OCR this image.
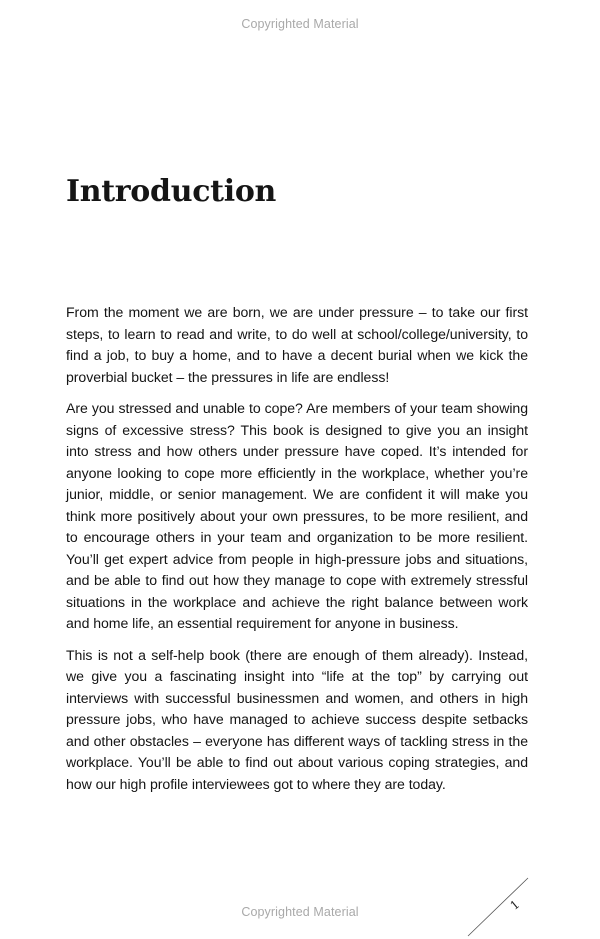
Copyrighted Material
Introduction

From the moment we are born, we are under pressure – to take our first steps, to learn to read and write, to do well at school/college/university, to find a job, to buy a home, and to have a decent burial when we kick the proverbial bucket – the pressures in life are endless!

Are you stressed and unable to cope? Are members of your team showing signs of excessive stress? This book is designed to give you an insight into stress and how others under pressure have coped. It’s intended for anyone looking to cope more efficiently in the workplace, whether you’re junior, middle, or senior management. We are confident it will make you think more positively about your own pressures, to be more resilient, and to encourage others in your team and organization to be more resilient. You’ll get expert advice from people in high-pressure jobs and situations, and be able to find out how they manage to cope with extremely stressful situations in the workplace and achieve the right balance between work and home life, an essential requirement for anyone in business.

This is not a self-help book (there are enough of them already). Instead, we give you a fascinating insight into “life at the top” by carrying out interviews with successful businessmen and women, and others in high pressure jobs, who have managed to achieve success despite setbacks and other obstacles – everyone has different ways of tackling stress in the workplace. You’ll be able to find out about various coping strategies, and how our high profile interviewees got to where they are today.

Copyrighted Material	1
